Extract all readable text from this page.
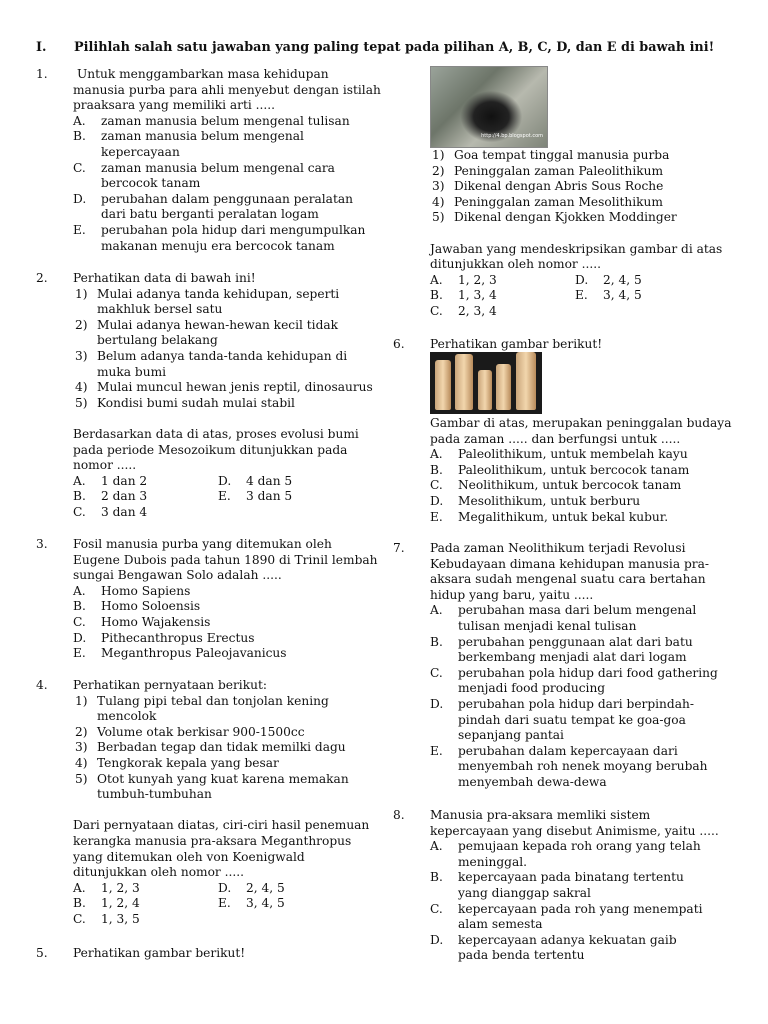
I. Pilihlah salah satu jawaban yang paling tepat pada pilihan A, B, C, D, dan E di bawah ini!
1.	Untuk menggambarkan masa kehidupan
manusia purba para ahli menyebut dengan istilah
praaksara yang memiliki arti .....
A. zaman manusia belum mengenal tulisan
B. zaman manusia belum mengenal kepercayaan
C. zaman manusia belum mengenal cara bercocok tanam
D. perubahan dalam penggunaan peralatan dari batu berganti peralatan logam
E. perubahan pola hidup dari mengumpulkan makanan menuju era bercocok tanam
2. Perhatikan data di bawah ini!
1) Mulai adanya tanda kehidupan, seperti makhluk bersel satu
2) Mulai adanya hewan-hewan kecil tidak bertulang belakang
3) Belum adanya tanda-tanda kehidupan di muka bumi
4) Mulai muncul hewan jenis reptil, dinosaurus
5) Kondisi bumi sudah mulai stabil
Berdasarkan data di atas, proses evolusi bumi pada periode Mesozoikum ditunjukkan pada nomor .....
A. 1 dan 2	D. 4 dan 5
B. 2 dan 3	E. 3 dan 5
C. 3 dan 4
3. Fosil manusia purba yang ditemukan oleh Eugene Dubois pada tahun 1890 di Trinil lembah sungai Bengawan Solo adalah .....
A. Homo Sapiens
B. Homo Soloensis
C. Homo Wajakensis
D. Pithecanthropus Erectus
E. Meganthropus Paleojavanicus
4. Perhatikan pernyataan berikut:
1) Tulang pipi tebal dan tonjolan kening mencolok
2) Volume otak berkisar 900-1500cc
3) Berbadan tegap dan tidak memilki dagu
4) Tengkorak kepala yang besar
5) Otot kunyah yang kuat karena memakan tumbuh-tumbuhan
Dari pernyataan diatas, ciri-ciri hasil penemuan kerangka manusia pra-aksara Meganthropus yang ditemukan oleh von Koenigwald ditunjukkan oleh nomor .....
A. 1, 2, 3	D. 2, 4, 5
B. 1, 2, 4	E. 3, 4, 5
C. 1, 3, 5
5. Perhatikan gambar berikut!
http://4.bp.blogspot.com
1) Goa tempat tinggal manusia purba
2) Peninggalan zaman Paleolithikum
3) Dikenal dengan Abris Sous Roche
4) Peninggalan zaman Mesolithikum
5) Dikenal dengan Kjokken Moddinger
Jawaban yang mendeskripsikan gambar di atas ditunjukkan oleh nomor .....
A. 1, 2, 3	D. 2, 4, 5
B. 1, 3, 4	E. 3, 4, 5
C. 2, 3, 4
6. Perhatikan gambar berikut!
Gambar di atas, merupakan peninggalan budaya pada zaman ..... dan berfungsi untuk .....
A. Paleolithikum, untuk membelah kayu
B. Paleolithikum, untuk bercocok tanam
C. Neolithikum, untuk bercocok tanam
D. Mesolithikum, untuk berburu
E. Megalithikum, untuk bekal kubur.
7. Pada zaman Neolithikum terjadi Revolusi Kebudayaan dimana kehidupan manusia pra-aksara sudah mengenal suatu cara bertahan hidup yang baru, yaitu .....
A. perubahan masa dari belum mengenal tulisan menjadi kenal tulisan
B. perubahan penggunaan alat dari batu berkembang menjadi alat dari logam
C. perubahan pola hidup dari food gathering menjadi food producing
D. perubahan pola hidup dari berpindah-pindah dari suatu tempat ke goa-goa sepanjang pantai
E. perubahan dalam kepercayaan dari menyembah roh nenek moyang berubah menyembah dewa-dewa
8. Manusia pra-aksara memliki sistem kepercayaan yang disebut Animisme, yaitu .....
A. pemujaan kepada roh orang yang telah meninggal.
B. kepercayaan pada binatang tertentu yang dianggap sakral
C. kepercayaan pada roh yang menempati alam semesta
D. kepercayaan adanya kekuatan gaib pada benda tertentu
